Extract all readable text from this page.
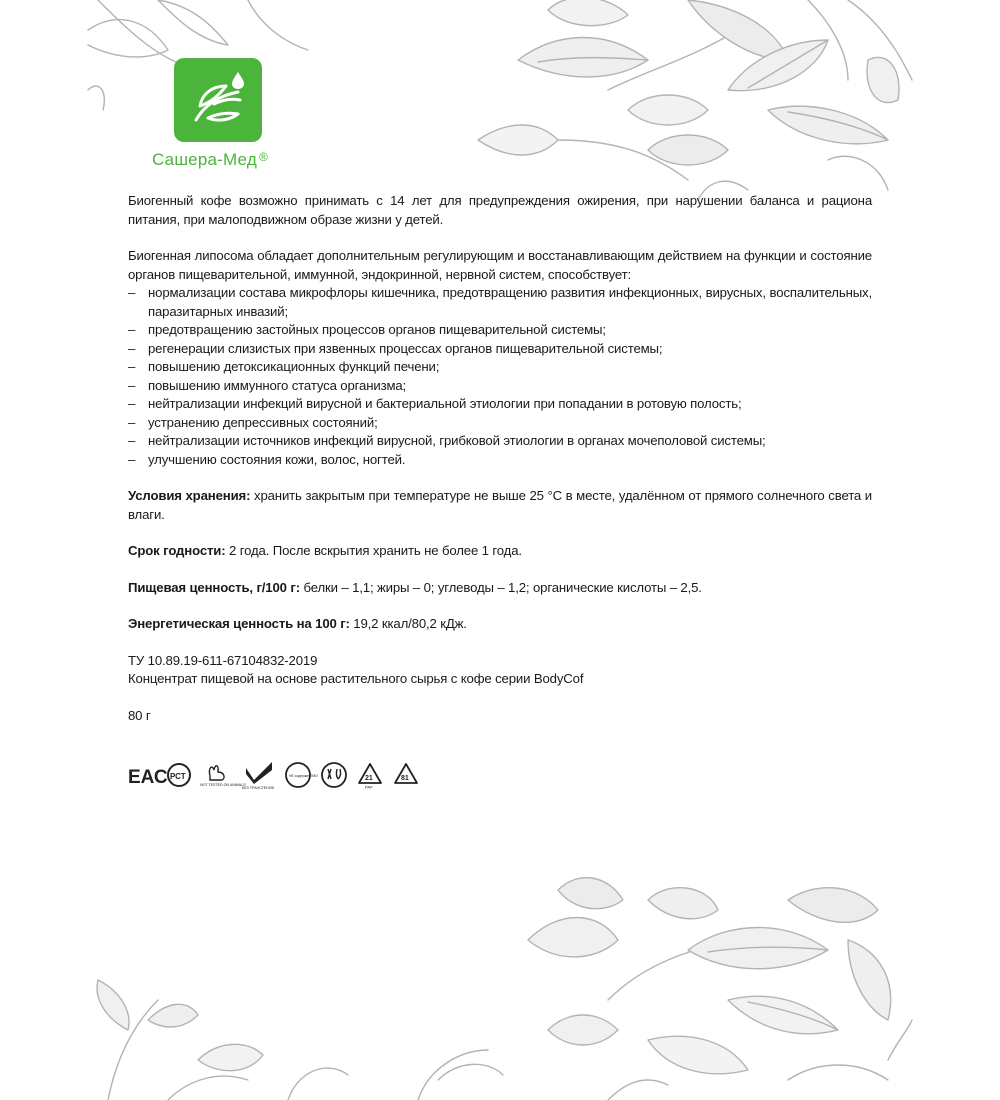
Сашера-Мед ®

Биогенный кофе возможно принимать с 14 лет для предупреждения ожирения, при нарушении баланса и рациона питания, при малоподвижном образе жизни у детей.

Биогенная липосома обладает дополнительным регулирующим и восстанавливающим действием на функции и состояние органов пищеварительной, иммунной, эндокринной, нервной систем, способствует:

– нормализации состава микрофлоры кишечника, предотвращению развития инфекционных, вирусных, воспалительных, паразитарных инвазий;
– предотвращению застойных процессов органов пищеварительной системы;
– регенерации слизистых при язвенных процессах органов пищеварительной системы;
– повышению детоксикационных функций печени;
– повышению иммунного статуса организма;
– нейтрализации инфекций вирусной и бактериальной этиологии при попадании в ротовую полость;
– устранению депрессивных состояний;
– нейтрализации источников инфекций вирусной, грибковой этиологии в органах мочеполовой системы;
– улучшению состояния кожи, волос, ногтей.

Условия хранения: хранить закрытым при температуре не выше 25 °С в месте, удалённом от прямого солнечного света и влаги.

Срок годности: 2 года. После вскрытия хранить не более 1 года.

Пищевая ценность, г/100 г: белки – 1,1; жиры – 0; углеводы – 1,2; органические кислоты – 2,5.

Энергетическая ценность на 100 г: 19,2 ккал/80,2 кДж.

ТУ 10.89.19-611-67104832-2019
Концентрат пищевой на основе растительного сырья с кофе серии BodyCof

80 г

ЕАС РСТ
NOT TESTED ON ANIMALS
БЕЗ ТРАНСГЕНОВ
НЕ содержит ГМО	21
PAP
81
